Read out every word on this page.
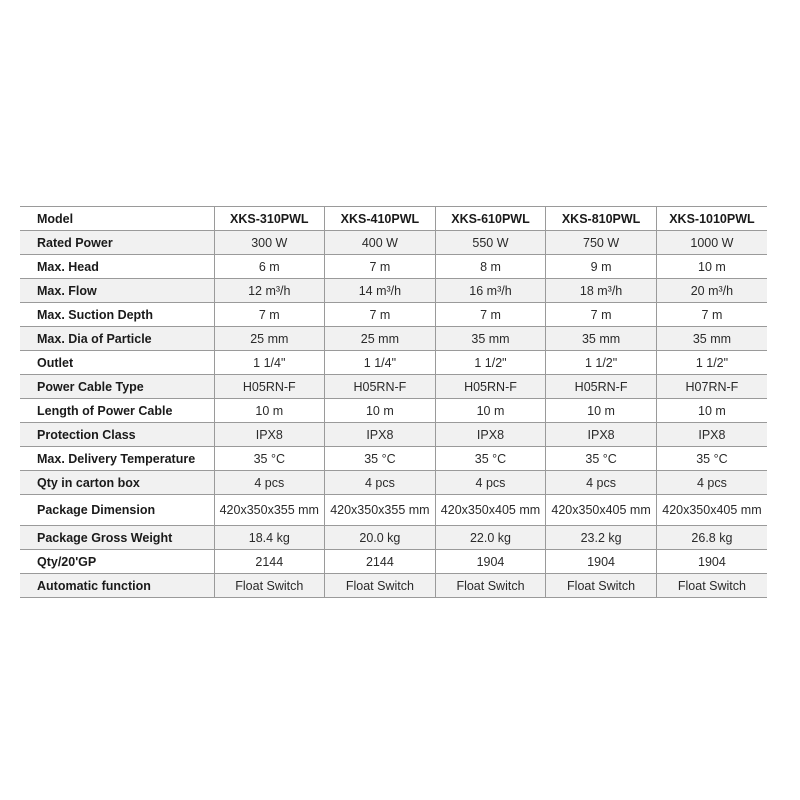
Model	XKS-310PWL	XKS-410PWL	XKS-610PWL	XKS-810PWL	XKS-1010PWL
Rated Power	300 W	400 W	550 W	750 W	1000 W
Max. Head	6 m	7 m	8 m	9 m	10 m
Max. Flow	12 m³/h	14 m³/h	16 m³/h	18 m³/h	20 m³/h
Max. Suction Depth	7 m	7 m	7 m	7 m	7 m
Max. Dia of Particle	25 mm	25 mm	35 mm	35 mm	35 mm
Outlet	1 1/4"	1 1/4"	1 1/2"	1 1/2"	1 1/2"
Power Cable Type	H05RN-F	H05RN-F	H05RN-F	H05RN-F	H07RN-F
Length of Power Cable	10 m	10 m	10 m	10 m	10 m
Protection Class	IPX8	IPX8	IPX8	IPX8	IPX8
Max. Delivery Temperature	35 °C	35 °C	35 °C	35 °C	35 °C
Qty in carton box	4 pcs	4 pcs	4 pcs	4 pcs	4 pcs
Package Dimension	420x350x355 mm	420x350x355 mm	420x350x405 mm	420x350x405 mm	420x350x405 mm
Package Gross Weight	18.4 kg	20.0 kg	22.0 kg	23.2 kg	26.8 kg
Qty/20'GP	2144	2144	1904	1904	1904
Automatic function	Float Switch	Float Switch	Float Switch	Float Switch	Float Switch
